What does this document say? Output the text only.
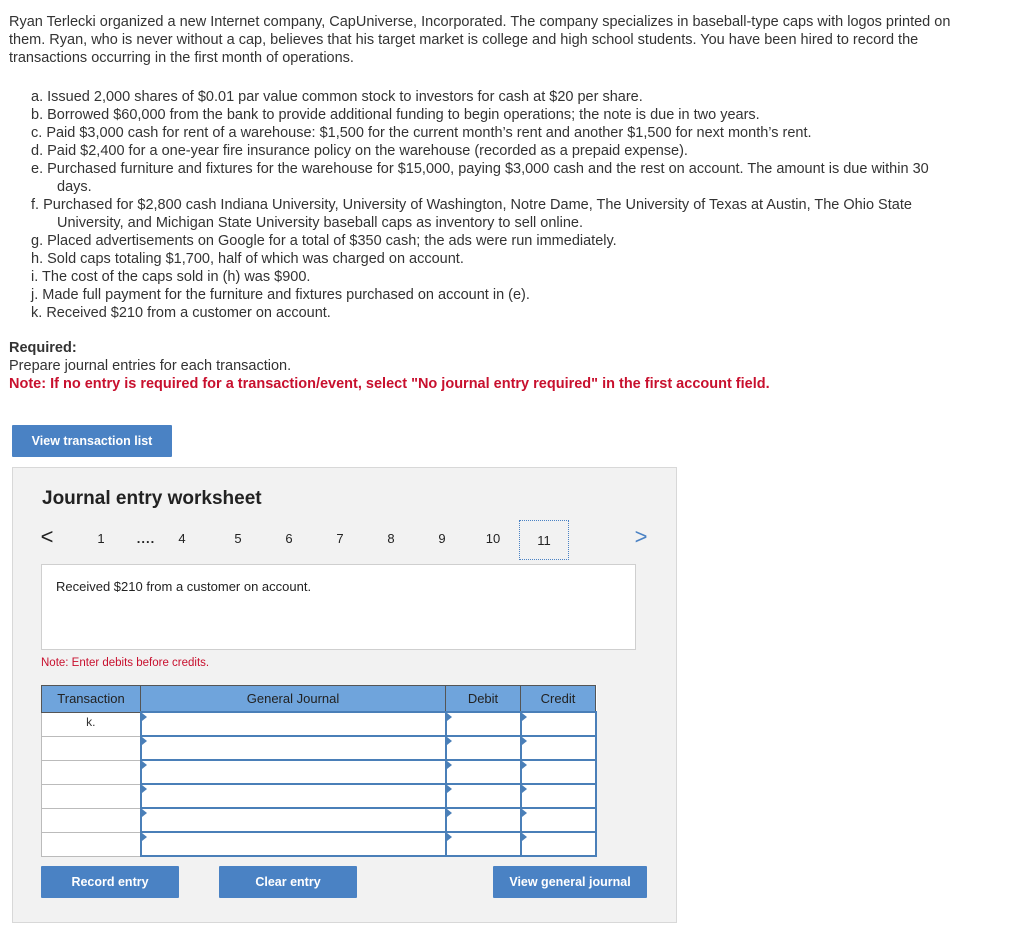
Ryan Terlecki organized a new Internet company, CapUniverse, Incorporated. The company specializes in baseball-type caps with logos printed on them. Ryan, who is never without a cap, believes that his target market is college and high school students. You have been hired to record the transactions occurring in the first month of operations.
a. Issued 2,000 shares of $0.01 par value common stock to investors for cash at $20 per share.
b. Borrowed $60,000 from the bank to provide additional funding to begin operations; the note is due in two years.
c. Paid $3,000 cash for rent of a warehouse: $1,500 for the current month’s rent and another $1,500 for next month’s rent.
d. Paid $2,400 for a one-year fire insurance policy on the warehouse (recorded as a prepaid expense).
e. Purchased furniture and fixtures for the warehouse for $15,000, paying $3,000 cash and the rest on account. The amount is due within 30 days.
f. Purchased for $2,800 cash Indiana University, University of Washington, Notre Dame, The University of Texas at Austin, The Ohio State University, and Michigan State University baseball caps as inventory to sell online.
g. Placed advertisements on Google for a total of $350 cash; the ads were run immediately.
h. Sold caps totaling $1,700, half of which was charged on account.
i. The cost of the caps sold in (h) was $900.
j. Made full payment for the furniture and fixtures purchased on account in (e).
k. Received $210 from a customer on account.
Required:
Prepare journal entries for each transaction.
Note: If no entry is required for a transaction/event, select "No journal entry required" in the first account field.
View transaction list
Journal entry worksheet
<	1	....	4	5	6	7	8	9	10	11	>
Received $210 from a customer on account.
Note: Enter debits before credits.
Transaction	General Journal	Debit	Credit
k.			

Record entry	Clear entry	View general journal
